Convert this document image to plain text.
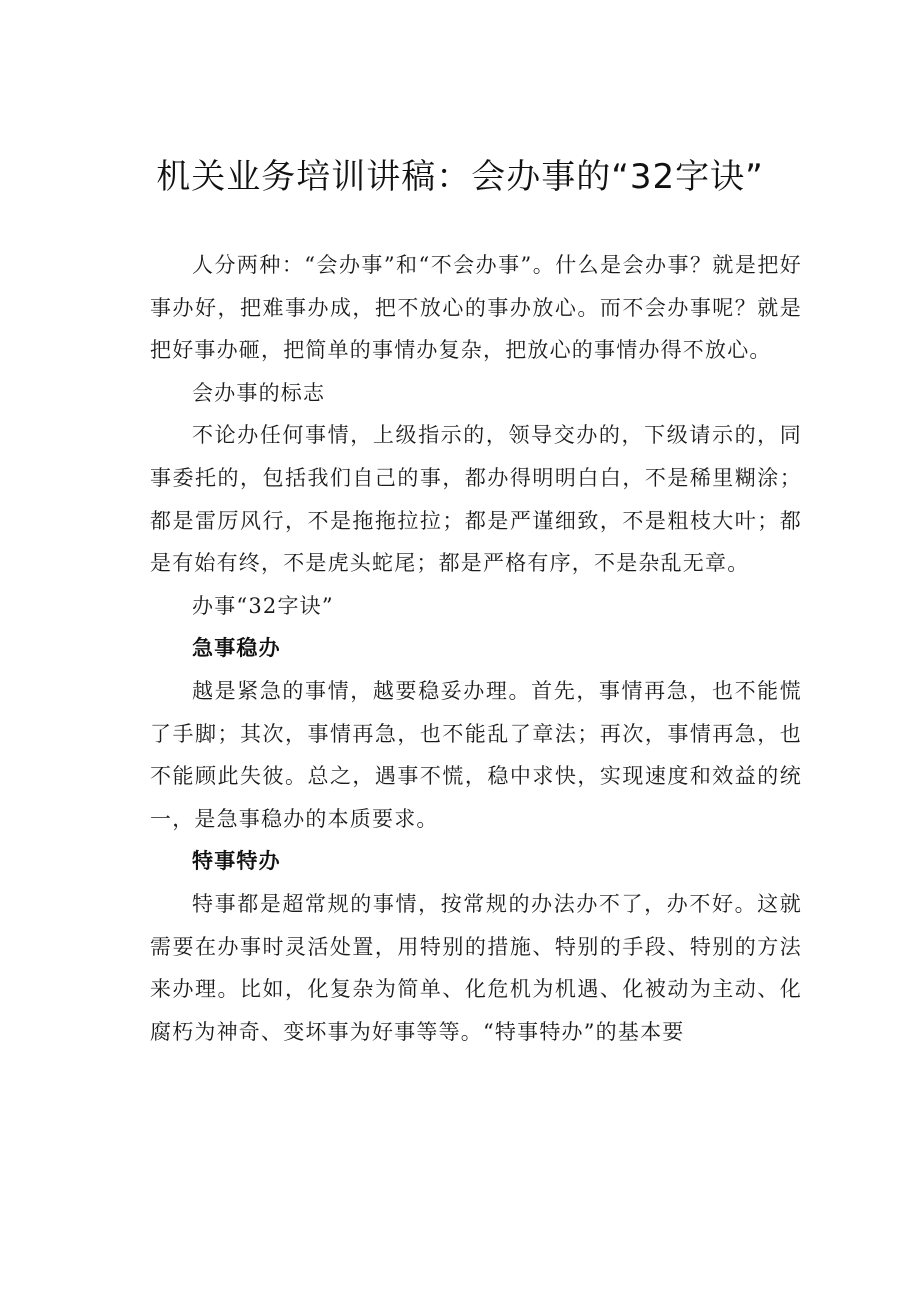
机关业务培训讲稿：会办事的“32字诀”

人分两种：“会办事”和“不会办事”。什么是会办事？就是把好事办好，把难事办成，把不放心的事办放心。而不会办事呢？就是把好事办砸，把简单的事情办复杂，把放心的事情办得不放心。

会办事的标志

不论办任何事情，上级指示的，领导交办的，下级请示的，同事委托的，包括我们自己的事，都办得明明白白，不是稀里糊涂；都是雷厉风行，不是拖拖拉拉；都是严谨细致，不是粗枝大叶；都是有始有终，不是虎头蛇尾；都是严格有序，不是杂乱无章。

办事“32字诀”

急事稳办

越是紧急的事情，越要稳妥办理。首先，事情再急，也不能慌了手脚；其次，事情再急，也不能乱了章法；再次，事情再急，也不能顾此失彼。总之，遇事不慌，稳中求快，实现速度和效益的统一，是急事稳办的本质要求。

特事特办

特事都是超常规的事情，按常规的办法办不了，办不好。这就需要在办事时灵活处置，用特别的措施、特别的手段、特别的方法来办理。比如，化复杂为简单、化危机为机遇、化被动为主动、化腐朽为神奇、变坏事为好事等等。“特事特办”的基本要
